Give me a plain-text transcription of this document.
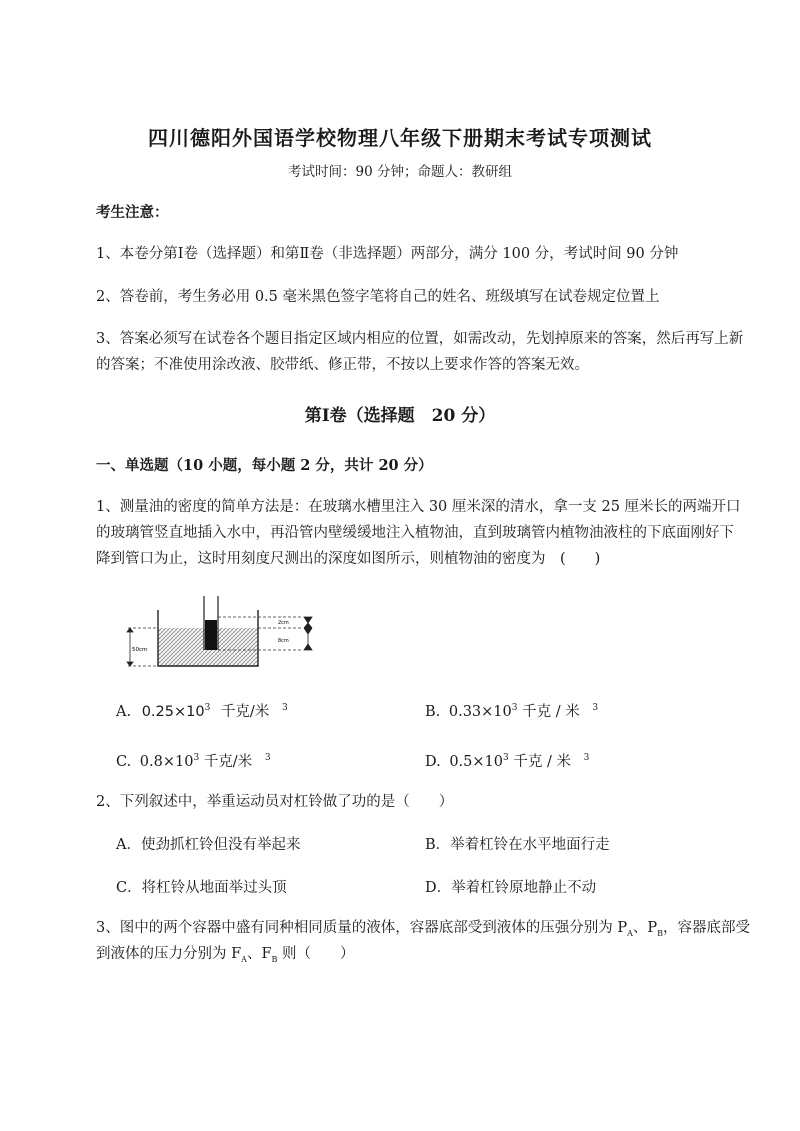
四川德阳外国语学校物理八年级下册期末考试专项测试
考试时间：90 分钟；命题人：教研组
考生注意：
1、本卷分第Ⅰ卷（选择题）和第Ⅱ卷（非选择题）两部分，满分 100 分，考试时间 90 分钟
2、答卷前，考生务必用 0.5 毫米黑色签字笔将自己的姓名、班级填写在试卷规定位置上
3、答案必须写在试卷各个题目指定区域内相应的位置，如需改动，先划掉原来的答案，然后再写上新的答案；不准使用涂改液、胶带纸、修正带，不按以上要求作答的答案无效。
第Ⅰ卷（选择题　20 分）
一、单选题（10 小题，每小题 2 分，共计 20 分）
1、测量油的密度的简单方法是：在玻璃水槽里注入 30 厘米深的清水，拿一支 25 厘米长的两端开口的玻璃管竖直地插入水中，再沿管内壁缓缓地注入植物油，直到玻璃管内植物油液柱的下底面刚好下降到管口为止，这时用刻度尺测出的深度如图所示，则植物油的密度为　(　　)
50cm
2cm
8cm
A. $0.25\times 10^3$ 千克/米 $^3$	B. $0.33\times 10^3$ 千克 / 米 $^3$
C. $0.8\times 10^3$ 千克/米 $^3$	D. $0.5\times 10^3$ 千克 / 米 $^3$
2、下列叙述中，举重运动员对杠铃做了功的是（　　）
A．使劲抓杠铃但没有举起来	B．举着杠铃在水平地面行走
C．将杠铃从地面举过头顶	D．举着杠铃原地静止不动
3、图中的两个容器中盛有同种相同质量的液体，容器底部受到液体的压强分别为 $P_A$、$P_B$，容器底部受
到液体的压力分别为 $F_A$、$F_B$ 则（　　）
